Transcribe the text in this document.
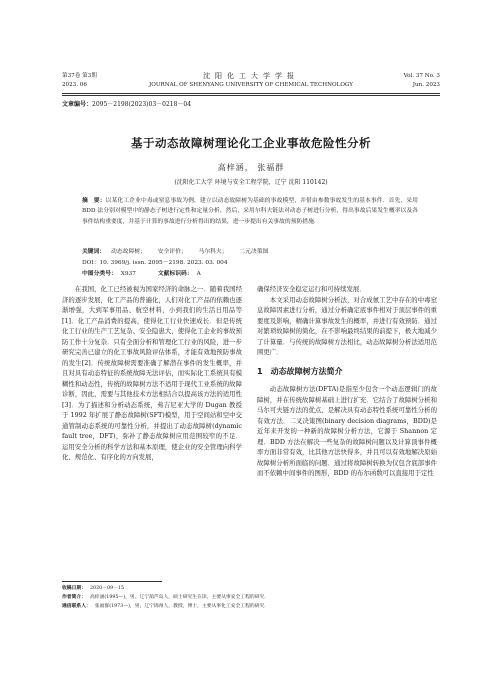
第37卷 第3期
2023. 06
沈阳化工大学学报
JOURNAL OF SHENYANG UNIVERSITY OF CHEMICAL TECHNOLOGY
Vol. 37 No. 3
Jun. 2023
文章编号：2095－2198(2023)03－0218－04
基于动态故障树理论化工企业事故危险性分析
高梓涵， 张福群
(沈阳化工大学 环境与安全工程学院，辽宁 沈阳 110142)
摘　要：以某化工企业中毒或窒息事故为例，建立以动态故障树为基础的事故模型，并借由参数事故发生的基本事件．首先，采用 BDD 法分别对模型中的静态子树进行定性和定量分析，然后，采用尔科夫链法对动态子树进行分析，得出事故后果发生概率以及各事件结构重要度，并基于计算的事故进行分析得出的结果，进一步提出有关事故的预防措施．
关键词： 动态故障树； 安全评价； 马尔科夫； 二元决策图
DOI：10. 3969/j. issn. 2095－2198. 2023. 03. 004
中图分类号： X937	文献标识码： A

在我国，化工已经被视为国家经济的命脉之一．随着我国经济的逐步发展，化工产品的普遍化，人们对化工产品的依赖也逐渐增强，大到军事用品、航空材料，小到我们的生活日用品等[1]．化工产品消费的提高，使得化工行业快速成长．但是传统化工行业的生产工艺复杂、安全隐患大，使得化工企业的事故预防工作十分复杂．只有全面分析和管理化工行业的风险，进一步研究完善已建立的化工事故风险评估体系，才能有效地预防事故的发生[2]．传统故障树需要准确了解潜在事件的发生概率，并且对具有动态特征的系统故障无法评估，而实际化工系统具有模糊性和动态性，传统的故障树方法不适用于现代工业系统的故障诊断，因此，需要与其他技术方法相结合以提高该方法的适用性[3]．为了描述和分析动态系统，弗吉尼亚大学的 Dugan 教授于 1992 年扩展了静态故障树(SFT)模型，用于空间站和空中交通管制动态系统的可靠性分析，并提出了动态故障树(dynamic fault tree，DFT)，弥补了静态故障树应用范围较窄的不足．运用安全分析的科学方法和基本原理，使企业的安全管理向科学化、规范化、有序化的方向发展，

确保经济安全稳定运行和可持续发展．

本文采用动态故障树分析法，对合成氨工艺中存在的中毒窒息故障因素进行分析，通过分析确定底事件相对于顶层事件的重要度及影响，精确计算事故发生的概率，并进行有效预防．通过对繁琐故障树的简化，在不影响最终结果的前提下，极大地减少了计算量．与传统的故障树方法相比，动态故障树分析法适用范围更广．

1 动态故障树方法简介

动态故障树方法(DFTA)是指至少包含一个动态逻辑门的故障树，并在传统故障树基础上进行扩充．它结合了故障树分析和马尔可夫链方法的优点，是解决具有动态特性系统可靠性分析的有效方法．二叉决策图(binary decision diagrams，BDD)是近年来开发的一种新的故障树分析方法，它源于 Shannon 定理．BDD 方法在解决一些复杂的故障树问题以及计算顶事件概率方面非常有效，比其他方法快得多，并且可以有效地解决原始故障树分析所面临的问题．通过将故障树转换为仅包含底部事件而不依赖中间事件的图形，BDD 的布尔函数可以直接用于定性

收稿日期： 2020－09－15
作者简介： 高梓涵(1995—)，男，辽宁葫芦岛人，硕士研究生在读，主要从事安全工程的研究．
通信联系人： 张福群(1973—)，男，辽宁锦州人，教授，博士，主要从事化工安全工程的研究．
